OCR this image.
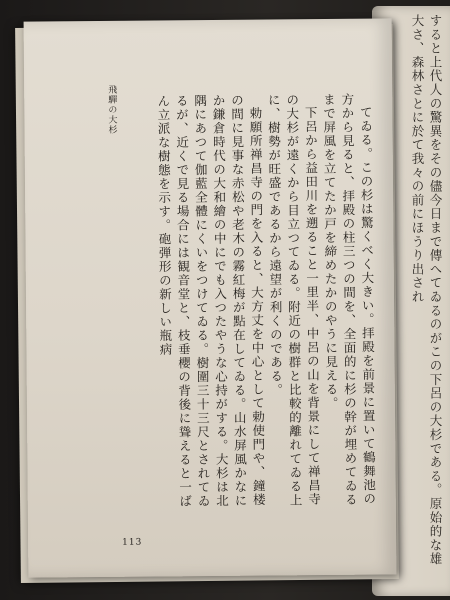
すると上代人の驚異をその儘今日まで傳へてゐるのがこの下呂の大杉である。原始的な雄大さ、森林さとに於て我々の前にほうり出され

飛驒の大杉	てゐる。この杉は驚くべく大きい。拝殿を前景に置いて鶴舞池の方から見ると、拝殿の柱三つの間を、全面的に杉の幹が埋めてゐるまで屏風を立てたか戸を締めたかのやうに見える。

下呂から益田川を遡ること一里半、中呂の山を背景にして禅昌寺の大杉が遠くから目立つてゐる。附近の樹群と比較的離れてゐる上に、樹勢が旺盛であるから遠望が利くのである。

勅願所禅昌寺の門を入ると、大方丈を中心として勅使門や、鐘楼の間に見事な赤松や老木の霧紅梅が點在してゐる。山水屏風かなにか鎌倉時代の大和繪の中にでも入つたやうな心持がする。大杉は北隅にあつて伽藍全體にくいをつけてゐる。樹圍三十三尺とされてゐるが、近くで見る場合には観音堂と、枝垂櫻の背後に聳えると一ばん立派な樹態を示す。砲弾形の新しい瓶病

113
